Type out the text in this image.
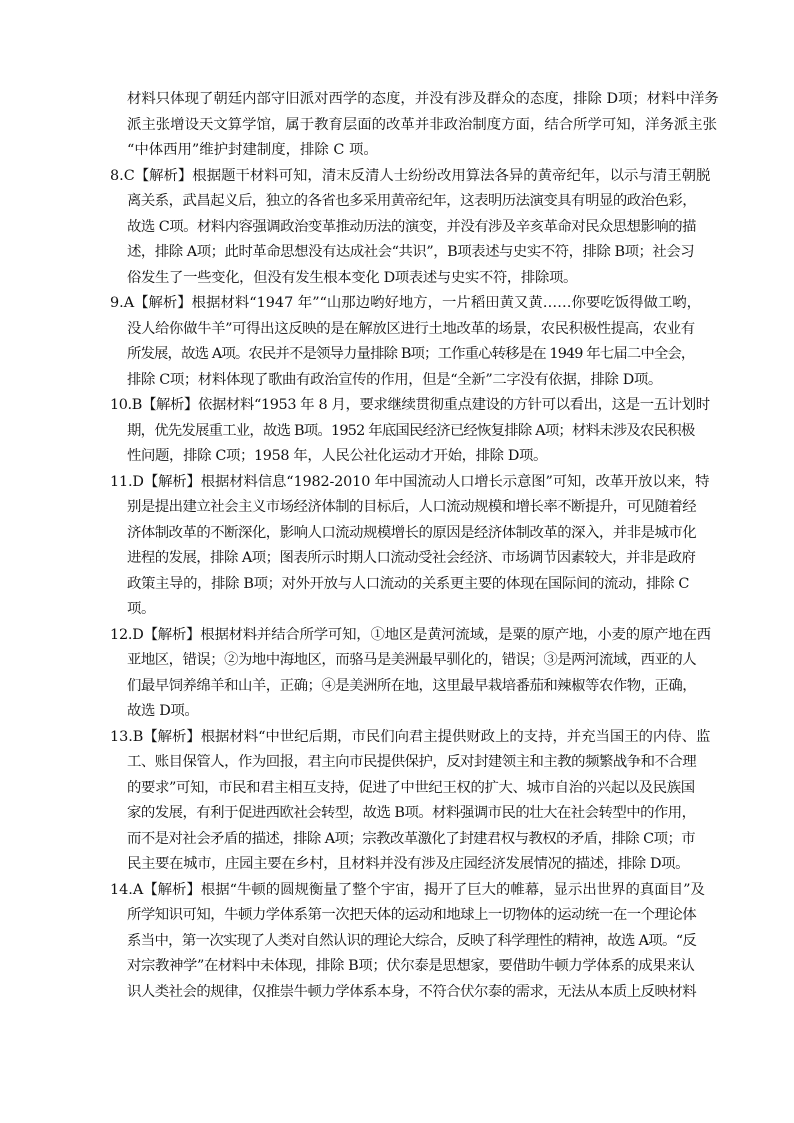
材料只体现了朝廷内部守旧派对西学的态度，并没有涉及群众的态度，排除 D项；材料中洋务
派主张增设天文算学馆，属于教育层面的改革并非政治制度方面，结合所学可知，洋务派主张
“中体西用”维护封建制度，排除 C 项。
8.C【解析】根据题干材料可知，清末反清人士纷纷改用算法各异的黄帝纪年，以示与清王朝脱
离关系，武昌起义后，独立的各省也多采用黄帝纪年，这表明历法演变具有明显的政治色彩，
故选 C项。材料内容强调政治变革推动历法的演变，并没有涉及辛亥革命对民众思想影响的描
述，排除 A项；此时革命思想没有达成社会“共识”，B项表述与史实不符，排除 B项；社会习
俗发生了一些变化，但没有发生根本变化 D项表述与史实不符，排除项。
9.A【解析】根据材料“1947 年”“山那边哟好地方，一片稻田黄又黄……你要吃饭得做工哟，
没人给你做牛羊”可得出这反映的是在解放区进行土地改革的场景，农民积极性提高，农业有
所发展，故选 A项。农民并不是领导力量排除 B项；工作重心转移是在 1949 年七届二中全会，
排除 C项；材料体现了歌曲有政治宣传的作用，但是“全新”二字没有依据，排除 D项。
10.B【解析】依据材料“1953 年 8 月，要求继续贯彻重点建设的方针可以看出，这是一五计划时
期，优先发展重工业，故选 B项。1952 年底国民经济已经恢复排除 A项；材料未涉及农民积极
性问题，排除 C项；1958 年，人民公社化运动才开始，排除 D项。
11.D【解析】根据材料信息“1982-2010 年中国流动人口增长示意图”可知，改革开放以来，特
别是提出建立社会主义市场经济体制的目标后，人口流动规模和增长率不断提升，可见随着经
济体制改革的不断深化，影响人口流动规模增长的原因是经济体制改革的深入，并非是城市化
进程的发展，排除 A项；图表所示时期人口流动受社会经济、市场调节因素较大，并非是政府
政策主导的，排除 B项；对外开放与人口流动的关系更主要的体现在国际间的流动，排除 C
项。
12.D【解析】根据材料并结合所学可知，①地区是黄河流域，是粟的原产地，小麦的原产地在西
亚地区，错误；②为地中海地区，而骆马是美洲最早驯化的，错误；③是两河流域，西亚的人
们最早饲养绵羊和山羊，正确；④是美洲所在地，这里最早栽培番茄和辣椒等农作物，正确，
故选 D项。
13.B【解析】根据材料“中世纪后期，市民们向君主提供财政上的支持，并充当国王的内侍、监
工、账目保管人，作为回报，君主向市民提供保护，反对封建领主和主教的频繁战争和不合理
的要求”可知，市民和君主相互支持，促进了中世纪王权的扩大、城市自治的兴起以及民族国
家的发展，有利于促进西欧社会转型，故选 B项。材料强调市民的壮大在社会转型中的作用，
而不是对社会矛盾的描述，排除 A项；宗教改革激化了封建君权与教权的矛盾，排除 C项；市
民主要在城市，庄园主要在乡村，且材料并没有涉及庄园经济发展情况的描述，排除 D项。
14.A【解析】根据“牛顿的圆规衡量了整个宇宙，揭开了巨大的帷幕，显示出世界的真面目”及
所学知识可知，牛顿力学体系第一次把天体的运动和地球上一切物体的运动统一在一个理论体
系当中，第一次实现了人类对自然认识的理论大综合，反映了科学理性的精神，故选 A项。“反
对宗教神学”在材料中未体现，排除 B项；伏尔泰是思想家，要借助牛顿力学体系的成果来认
识人类社会的规律，仅推崇牛顿力学体系本身，不符合伏尔泰的需求，无法从本质上反映材料
